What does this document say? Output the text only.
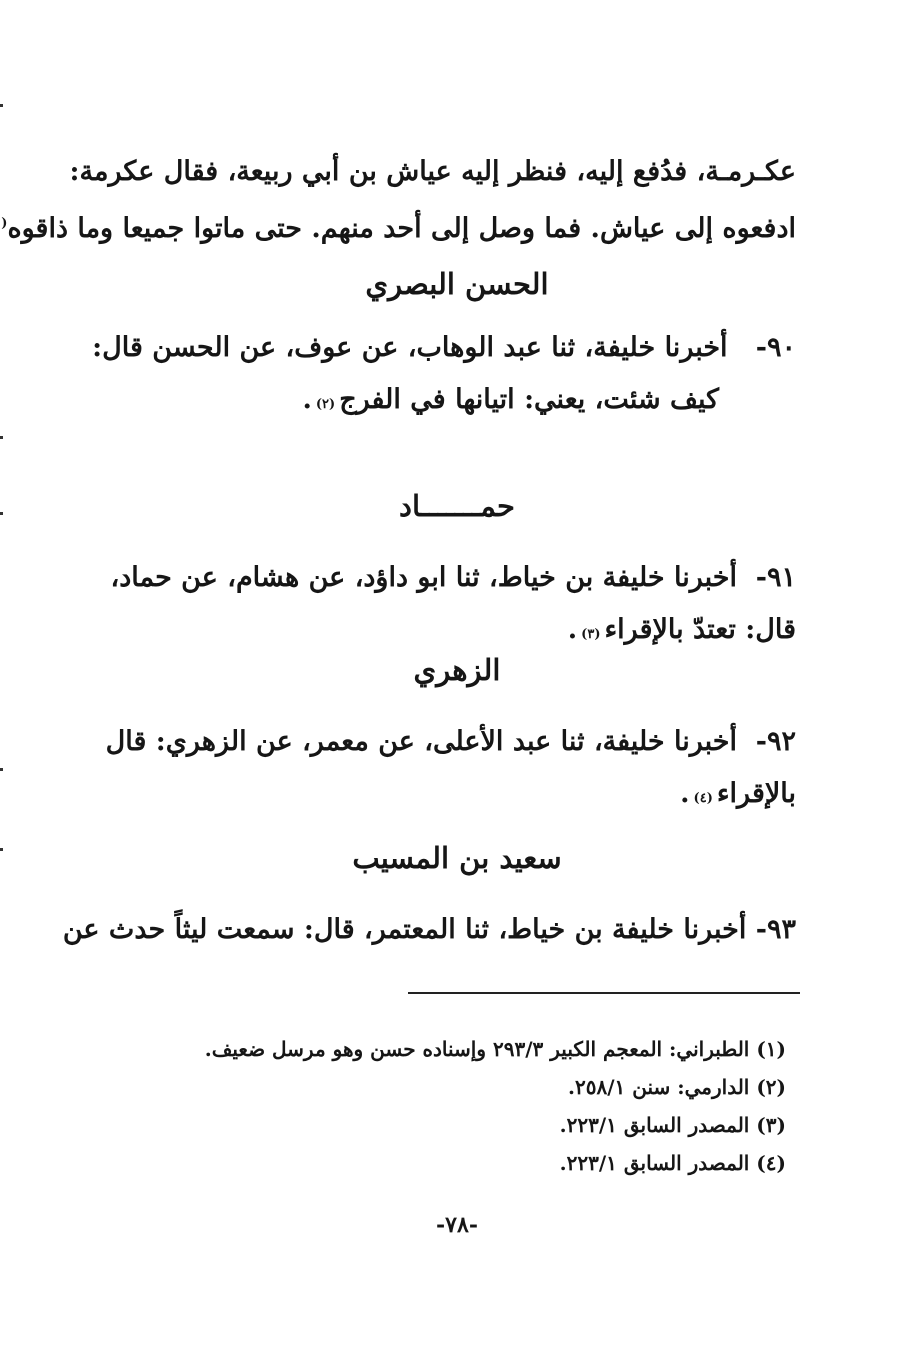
عكـرمـة، فدُفع إليه، فنظر إليه عياش بن أبي ربيعة، فقال عكرمة:

ادفعوه إلى عياش. فما وصل إلى أحد منهم. حتى ماتوا جميعا وما ذاقوه(

الحسن البصري

٩٠-   أخبرنا خليفة، ثنا عبد الوهاب، عن عوف، عن الحسن قال:

كيف شئت، يعني: اتيانها في الفرج(٢).

حمـــــــاد

٩١-  أخبرنا خليفة بن خياط، ثنا ابو داؤد، عن هشام، عن حماد،

قال: تعتدّ بالإقراء(٣).

الزهري

٩٢-  أخبرنا خليفة، ثنا عبد الأعلى، عن معمر، عن الزهري: قال

بالإقراء(٤).

سعيد بن المسيب

٩٣- أخبرنا خليفة بن خياط، ثنا المعتمر، قال: سمعت ليثاً حدث عن

(١) الطبراني: المعجم الكبير ٢٩٣/٣ وإسناده حسن وهو مرسل ضعيف.
(٢) الدارمي: سنن ٢٥٨/١.
(٣) المصدر السابق ٢٢٣/١.
(٤) المصدر السابق ٢٢٣/١.
-٧٨-
